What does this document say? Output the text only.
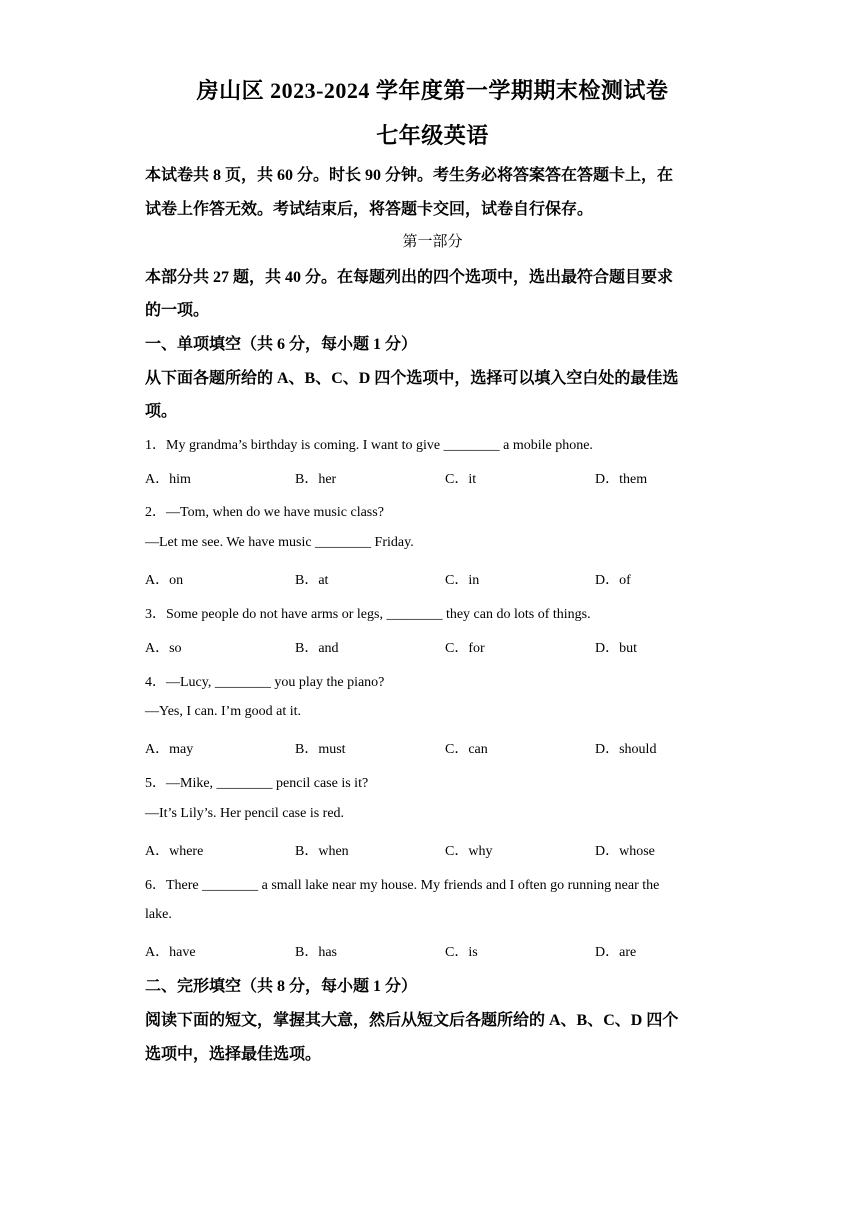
房山区 2023-2024 学年度第一学期期末检测试卷
七年级英语
本试卷共 8 页，共 60 分。时长 90 分钟。考生务必将答案答在答题卡上，在
试卷上作答无效。考试结束后，将答题卡交回，试卷自行保存。
第一部分
本部分共 27 题，共 40 分。在每题列出的四个选项中，选出最符合题目要求
的一项。
一、单项填空（共 6 分，每小题 1 分）
从下面各题所给的 A、B、C、D 四个选项中，选择可以填入空白处的最佳选
项。
1．My grandma’s birthday is coming. I want to give ________ a mobile phone.
A．him	B．her	C．it	D．them
2．—Tom, when do we have music class?
—Let me see. We have music ________ Friday.
A．on	B．at	C．in	D．of
3．Some people do not have arms or legs, ________ they can do lots of things.
A．so	B．and	C．for	D．but
4．—Lucy, ________ you play the piano?
—Yes, I can. I’m good at it.
A．may	B．must	C．can	D．should
5．—Mike, ________ pencil case is it?
—It’s Lily’s. Her pencil case is red.
A．where	B．when	C．why	D．whose
6．There ________ a small lake near my house. My friends and I often go running near the
lake.
A．have	B．has	C．is	D．are
二、完形填空（共 8 分，每小题 1 分）
阅读下面的短文，掌握其大意，然后从短文后各题所给的 A、B、C、D 四个
选项中，选择最佳选项。
